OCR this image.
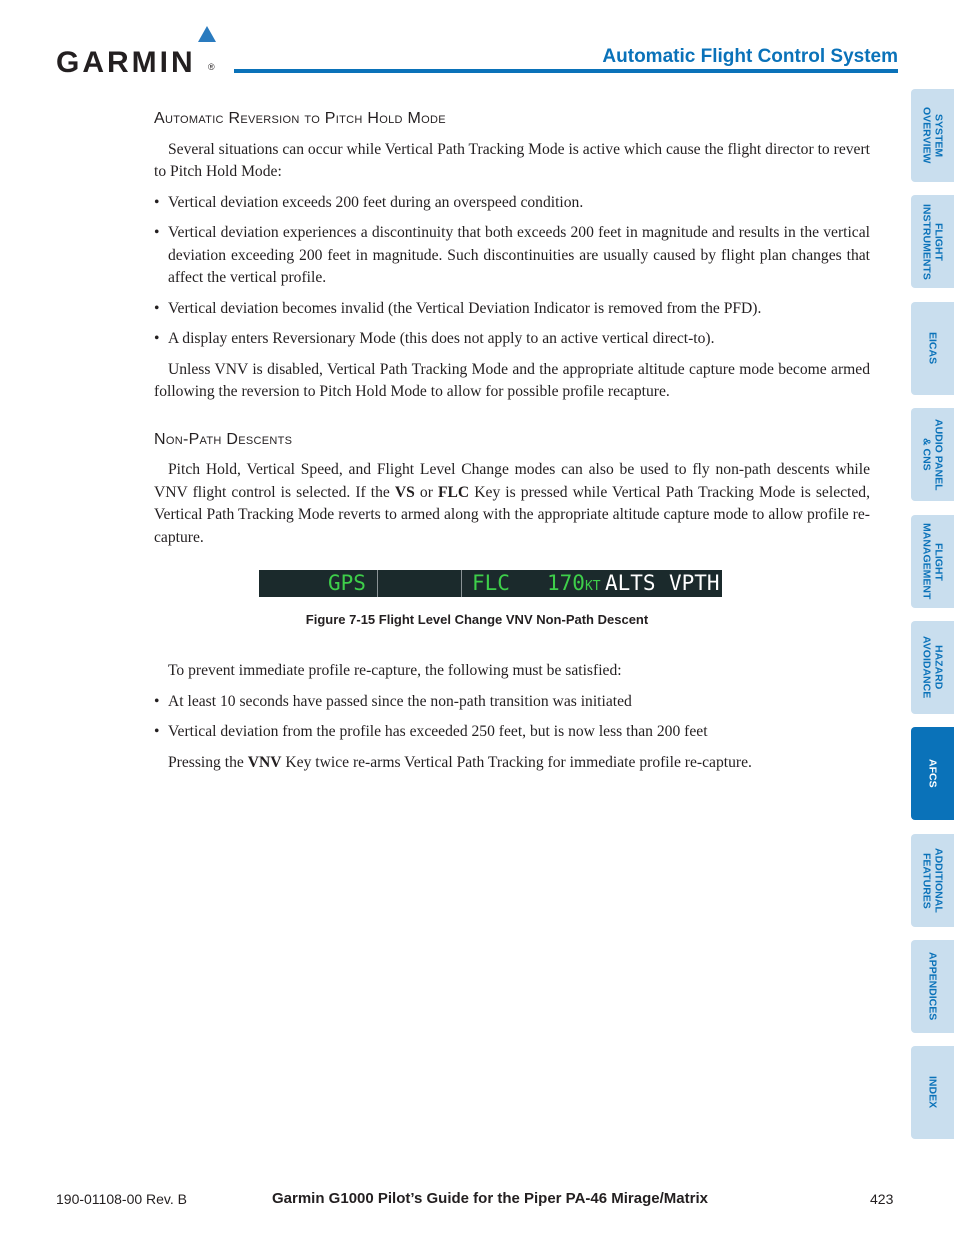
GARMIN ®	Automatic Flight Control System
Automatic Reversion to Pitch Hold Mode

Several situations can occur while Vertical Path Tracking Mode is active which cause the flight director to revert to Pitch Hold Mode:

• Vertical deviation exceeds 200 feet during an overspeed condition.

• Vertical deviation experiences a discontinuity that both exceeds 200 feet in magnitude and results in the vertical deviation exceeding 200 feet in magnitude. Such discontinuities are usually caused by flight plan changes that affect the vertical profile.

• Vertical deviation becomes invalid (the Vertical Deviation Indicator is removed from the PFD).

• A display enters Reversionary Mode (this does not apply to an active vertical direct-to).

Unless VNV is disabled, Vertical Path Tracking Mode and the appropriate altitude capture mode become armed following the reversion to Pitch Hold Mode to allow for possible profile recapture.

Non-Path Descents

Pitch Hold, Vertical Speed, and Flight Level Change modes can also be used to fly non-path descents while VNV flight control is selected. If the VS or FLC Key is pressed while Vertical Path Tracking Mode is selected, Vertical Path Tracking Mode reverts to armed along with the appropriate altitude capture mode to allow profile re-capture.

GPS	FLC 170KT ALTS VPTH
Figure 7-15 Flight Level Change VNV Non-Path Descent

To prevent immediate profile re-capture, the following must be satisfied:

• At least 10 seconds have passed since the non-path transition was initiated

• Vertical deviation from the profile has exceeded 250 feet, but is now less than 200 feet

Pressing the VNV Key twice re-arms Vertical Path Tracking for immediate profile re-capture.

SYSTEM
OVERVIEW
FLIGHT
INSTRUMENTS
EICAS
AUDIO PANEL
& CNS
FLIGHT
MANAGEMENT
HAZARD
AVOIDANCE
AFCS
ADDITIONAL
FEATURES
APPENDICES
INDEX
190-01108-00 Rev. B	Garmin G1000 Pilot’s Guide for the Piper PA-46 Mirage/Matrix	423
